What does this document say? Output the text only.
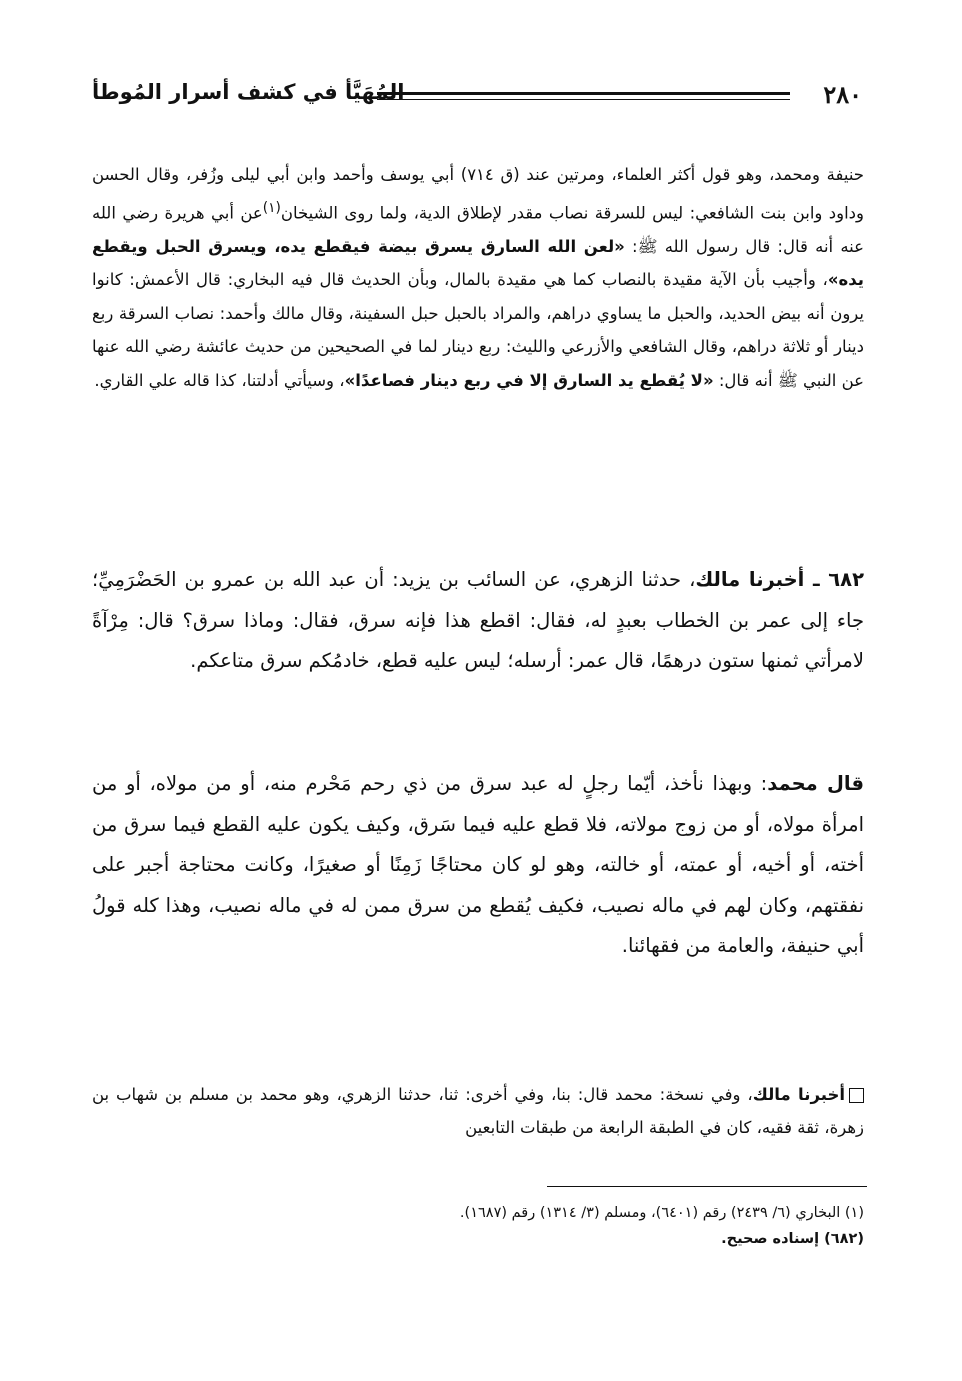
٢٨٠
المُهَيَّأ في كشف أسرار المُوطأ

حنيفة ومحمد، وهو قول أكثر العلماء، ومرتين عند (ق ٧١٤) أبي يوسف وأحمد وابن أبي ليلى وزُفر، وقال الحسن وداود وابن بنت الشافعي: ليس للسرقة نصاب مقدر لإطلاق الدية، ولما روى الشيخان$^{(١)}$عن أبي هريرة رضي الله عنه أنه قال: قال رسول الله ﷺ: «لعن الله السارق يسرق بيضة فيقطع يده، ويسرق الحبل ويقطع يده»، وأجيب بأن الآية مقيدة بالنصاب كما هي مقيدة بالمال، وبأن الحديث قال فيه البخاري: قال الأعمش: كانوا يرون أنه بيض الحديد، والحبل ما يساوي دراهم، والمراد بالحبل حبل السفينة، وقال مالك وأحمد: نصاب السرقة ربع دينار أو ثلاثة دراهم، وقال الشافعي والأزرعي والليث: ربع دينار لما في الصحيحين من حديث عائشة رضي الله عنها عن النبي ﷺ أنه قال: «لا يُقطع يد السارق إلا في ربع دينار فصاعدًا»، وسيأتي أدلتنا، كذا قاله علي القاري.

٦٨٢ ـ أخبرنا مالك، حدثنا الزهري، عن السائب بن يزيد: أن عبد الله بن عمرو بن الحَضْرَمِيِّ؛ جاء إلى عمر بن الخطاب بعبدٍ له، فقال: اقطع هذا فإنه سرق، فقال: وماذا سرق؟ قال: مِرْآةً لامرأتي ثمنها ستون درهمًا، قال عمر: أرسله؛ ليس عليه قطع، خادمُكم سرق متاعكم.

قال محمد: وبهذا نأخذ، أيّما رجلٍ له عبد سرق من ذي رحم مَحْرم منه، أو من مولاه، أو من امرأة مولاه، أو من زوج مولاته، فلا قطع عليه فيما سَرق، وكيف يكون عليه القطع فيما سرق من أخته، أو أخيه، أو عمته، أو خالته، وهو لو كان محتاجًا زَمِنًا أو صغيرًا، وكانت محتاجة أجبر على نفقتهم، وكان لهم في ماله نصيب، فكيف يُقطع من سرق ممن له في ماله نصيب، وهذا كله قولُ أبي حنيفة، والعامة من فقهائنا.

أخبرنا مالك، وفي نسخة: محمد قال: بنا، وفي أخرى: ثنا، حدثنا الزهري، وهو محمد بن مسلم بن شهاب بن زهرة، ثقة فقيه، كان في الطبقة الرابعة من طبقات التابعين

(١) البخاري (٦/ ٢٤٣٩) رقم (٦٤٠١)، ومسلم (٣/ ١٣١٤) رقم (١٦٨٧).

(٦٨٢) إسناده صحيح.
